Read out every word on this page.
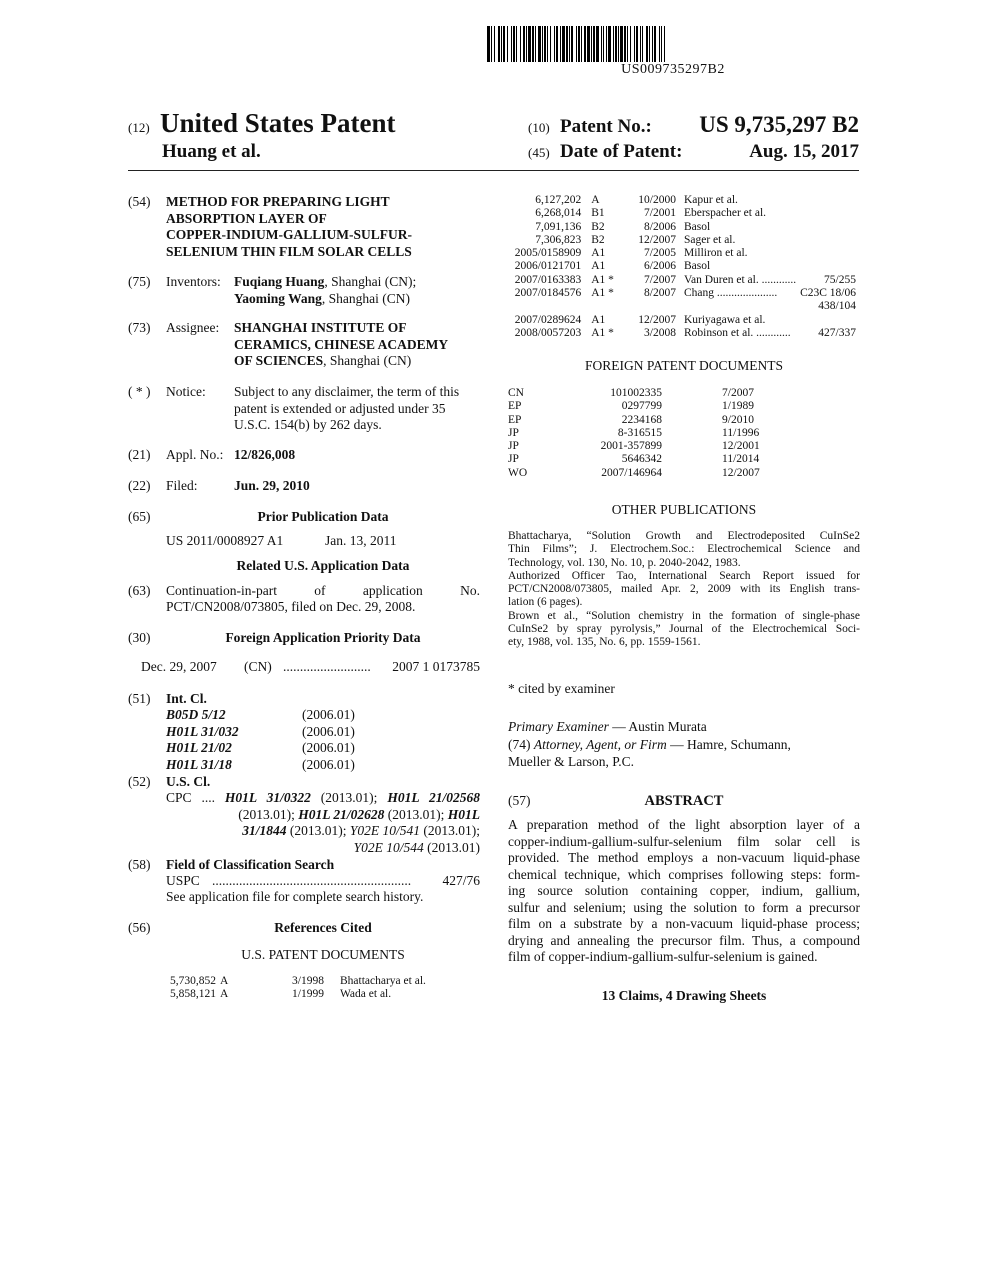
US009735297B2
(12) United States Patent
Huang et al.
(10) Patent No.: US 9,735,297 B2
(45) Date of Patent:	Aug. 15, 2017
(54) METHOD FOR PREPARING LIGHT
ABSORPTION LAYER OF
COPPER-INDIUM-GALLIUM-SULFUR-
SELENIUM THIN FILM SOLAR CELLS
(75) Inventors: Fuqiang Huang, Shanghai (CN);
Yaoming Wang, Shanghai (CN)
(73) Assignee: SHANGHAI INSTITUTE OF
CERAMICS, CHINESE ACADEMY
OF SCIENCES, Shanghai (CN)
( * ) Notice: Subject to any disclaimer, the term of this
patent is extended or adjusted under 35
U.S.C. 154(b) by 262 days.
(21) Appl. No.: 12/826,008
(22) Filed:	Jun. 29, 2010
(65)	Prior Publication Data
US 2011/0008927 A1	Jan. 13, 2011
Related U.S. Application Data
(63) Continuation-in-part	of	application	No.
PCT/CN2008/073805, filed on Dec. 29, 2008.
(30)	Foreign Application Priority Data
Dec. 29, 2007 (CN) ..........................	2007 1 0173785
(51) Int. Cl.
B05D 5/12	(2006.01)
H01L 31/032	(2006.01)
H01L 21/02	(2006.01)
H01L 31/18	(2006.01)
(52) U.S. Cl.
CPC .... H01L 31/0322 (2013.01); H01L 21/02568
(2013.01); H01L 21/02628 (2013.01); H01L
31/1844 (2013.01); Y02E 10/541 (2013.01);
Y02E 10/544 (2013.01)
(58) Field of Classification Search
USPC ...........................................................	427/76
See application file for complete search history.
(56)	References Cited
U.S. PATENT DOCUMENTS
5,730,852	A	3/1998	Bhattacharya et al.
5,858,121	A	1/1999	Wada et al.
6,127,202	A	10/2000	Kapur et al.	
6,268,014	B1	7/2001	Eberspacher et al.	
7,091,136	B2	8/2006	Basol	
7,306,823	B2	12/2007	Sager et al.	
2005/0158909	A1	7/2005	Milliron et al.	
2006/0121701	A1	6/2006	Basol	
2007/0163383	A1 *	7/2007	Van Duren et al. ............	75/255
2007/0184576	A1 *	8/2007	Chang .....................	C23C 18/06
				438/104
2007/0289624	A1	12/2007	Kuriyagawa et al.	
2008/0057203	A1 *	3/2008	Robinson et al. ............	427/337
FOREIGN PATENT DOCUMENTS
CN	101002335	7/2007
EP	0297799	1/1989
EP	2234168	9/2010
JP	8-316515	11/1996
JP	2001-357899	12/2001
JP	5646342	11/2014
WO	2007/146964	12/2007
OTHER PUBLICATIONS
Bhattacharya, “Solution Growth and Electrodeposited CuInSe2
Thin Films”; J. Electrochem.Soc.: Electrochemical Science and
Technology, vol. 130, No. 10, p. 2040-2042, 1983.
Authorized Officer Tao, International Search Report issued for
PCT/CN2008/073805, mailed Apr. 2, 2009 with its English trans-
lation (6 pages).
Brown et al., “Solution chemistry in the formation of single-phase
CuInSe2 by spray pyrolysis,” Journal of the Electrochemical Soci-
ety, 1988, vol. 135, No. 6, pp. 1559-1561.
* cited by examiner
Primary Examiner — Austin Murata
(74) Attorney, Agent, or Firm — Hamre, Schumann,
Mueller & Larson, P.C.
(57)	ABSTRACT
A preparation method of the light absorption layer of a
copper-indium-gallium-sulfur-selenium film solar cell is
provided. The method employs a non-vacuum liquid-phase
chemical technique, which comprises following steps: form-
ing source solution containing copper, indium, gallium,
sulfur and selenium; using the solution to form a precursor
film on a substrate by a non-vacuum liquid-phase process;
drying and annealing the precursor film. Thus, a compound
film of copper-indium-gallium-sulfur-selenium is gained.
13 Claims, 4 Drawing Sheets
